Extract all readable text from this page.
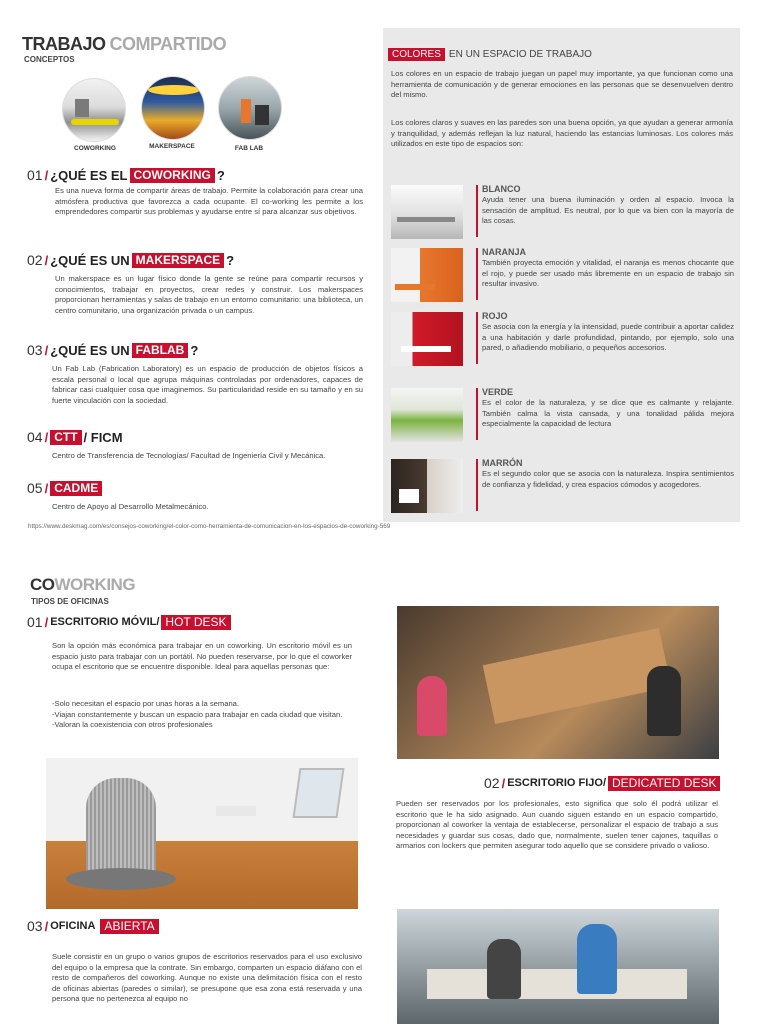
TRABAJO COMPARTIDO
CONCEPTOS
COWORKING	MAKERSPACE	FAB LAB
01 / ¿QUÉ ES EL COWORKING ?
Es una nueva forma de compartir áreas de trabajo. Permite la colaboración para crear una atmósfera productiva que favorezca a cada ocupante. El co-working les permite a los emprendedores compartir sus problemas y ayudarse entre sí para alcanzar sus objetivos.
02 / ¿QUÉ ES UN MAKERSPACE ?
Un makerspace es un lugar físico donde la gente se reúne para compartir recursos y conocimientos, trabajar en proyectos, crear redes y construir. Los makerspaces proporcionan herramientas y salas de trabajo en un entorno comunitario: una biblioteca, un centro comunitario, una organización privada o un campus.
03 / ¿QUÉ ES UN FABLAB ?
Un Fab Lab (Fabrication Laboratory) es un espacio de producción de objetos físicos a escala personal o local que agrupa máquinas controladas por ordenadores, capaces de fabricar casi cualquier cosa que imaginemos. Su particularidad reside en su tamaño y en su fuerte vinculación con la sociedad.
04 / CTT / FICM
Centro de Transferencia de Tecnologías/ Facultad de Ingeniería Civil y Mecánica.
05 / CADME
Centro de Apoyo al Desarrollo Metalmecánico.
COLORES EN UN ESPACIO DE TRABAJO
Los colores en un espacio de trabajo juegan un papel muy importante, ya que funcionan como una herramienta de comunicación y de generar emociones en las personas que se desenvuelven dentro del mismo.
Los colores claros y suaves en las paredes son una buena opción, ya que ayudan a generar armonía y tranquilidad, y además reflejan la luz natural, haciendo las estancias luminosas. Los colores más utilizados en este tipo de espacios son:
BLANCO
Ayuda tener una buena iluminación y orden al espacio. Invoca la sensación de amplitud. Es neutral, por lo que va bien con la mayoría de las cosas.
NARANJA
También proyecta emoción y vitalidad, el naranja es menos chocante que el rojo, y puede ser usado más libremente en un espacio de trabajo sin resultar invasivo.
ROJO
Se asocia con la energía y la intensidad, puede contribuir a aportar calidez a una habitación y darle profundidad, pintando, por ejemplo, solo una pared, o añadiendo mobiliario, o pequeños accesorios.
VERDE
Es el color de la naturaleza, y se dice que es calmante y relajante. También calma la vista cansada, y una tonalidad pálida mejora especialmente la capacidad de lectura
MARRÓN
Es el segundo color que se asocia con la naturaleza. Inspira sentimientos de confianza y fidelidad, y crea espacios cómodos y acogedores.
https://www.deskmag.com/es/consejos-coworking/el-color-como-herramienta-de-comunicacion-en-los-espacios-de-coworking-569
COWORKING
TIPOS DE OFICINAS
01 / ESCRITORIO MÓVIL/ HOT DESK
Son la opción más económica para trabajar en un coworking. Un escritorio móvil es un espacio justo para trabajar con un portátil. No pueden reservarse, por lo que el coworker ocupa el escritorio que se encuentre disponible. Ideal para aquellas personas que:
-Solo necesitan el espacio por unas horas a la semana.
-Viajan constantemente y buscan un espacio para trabajar en cada ciudad que visitan.
-Valoran la coexistencia con otros profesionales
02 / ESCRITORIO FIJO/ DEDICATED DESK
Pueden ser reservados por los profesionales, esto significa que solo él podrá utilizar el escritorio que le ha sido asignado. Aun cuando siguen estando en un espacio compartido, proporcionan al coworker la ventaja de establecerse, personalizar el espacio de trabajo a sus necesidades y guardar sus cosas, dado que, normalmente, suelen tener cajones, taquillas o armarios con lockers que permiten asegurar todo aquello que se considere privado o valioso.
03 / OFICINA ABIERTA
Suele consistir en un grupo o varios grupos de escritorios reservados para el uso exclusivo del equipo o la empresa que la contrate. Sin embargo, comparten un espacio diáfano con el resto de compañeros del coworking. Aunque no existe una delimitación física con el resto de oficinas abiertas (paredes o similar), se presupone que esa zona está reservada y una persona que no pertenezca al equipo no
